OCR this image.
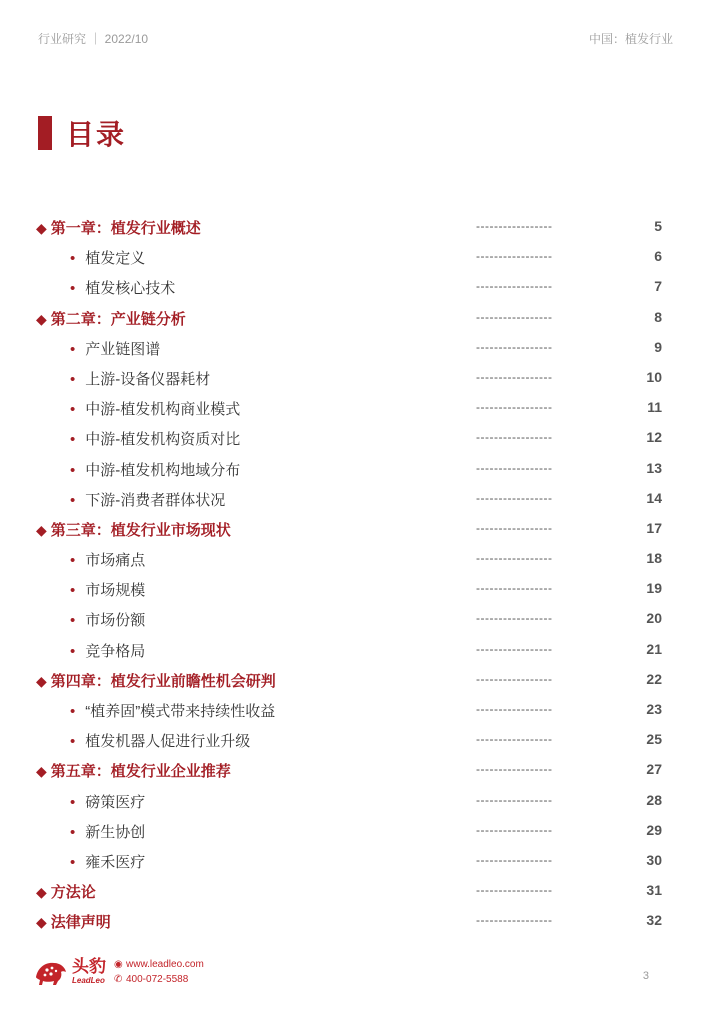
行业研究 ｜ 2022/10	中国：植发行业
目录
◆ 第一章：植发行业概述	-----------------	5
• 植发定义	-----------------	6
• 植发核心技术	-----------------	7
◆ 第二章：产业链分析	-----------------	8
• 产业链图谱	-----------------	9
• 上游-设备仪器耗材	-----------------	10
• 中游-植发机构商业模式	-----------------	11
• 中游-植发机构资质对比	-----------------	12
• 中游-植发机构地域分布	-----------------	13
• 下游-消费者群体状况	-----------------	14
◆ 第三章：植发行业市场现状	-----------------	17
• 市场痛点	-----------------	18
• 市场规模	-----------------	19
• 市场份额	-----------------	20
• 竞争格局	-----------------	21
◆ 第四章：植发行业前瞻性机会研判	-----------------	22
• “植养固”模式带来持续性收益	-----------------	23
• 植发机器人促进行业升级	-----------------	25
◆ 第五章：植发行业企业推荐	-----------------	27
• 磅策医疗	-----------------	28
• 新生协创	-----------------	29
• 雍禾医疗	-----------------	30
◆ 方法论	-----------------	31
◆ 法律声明	-----------------	32
头豹
LeadLeo
◉ www.leadleo.com
✆ 400-072-5588	3
